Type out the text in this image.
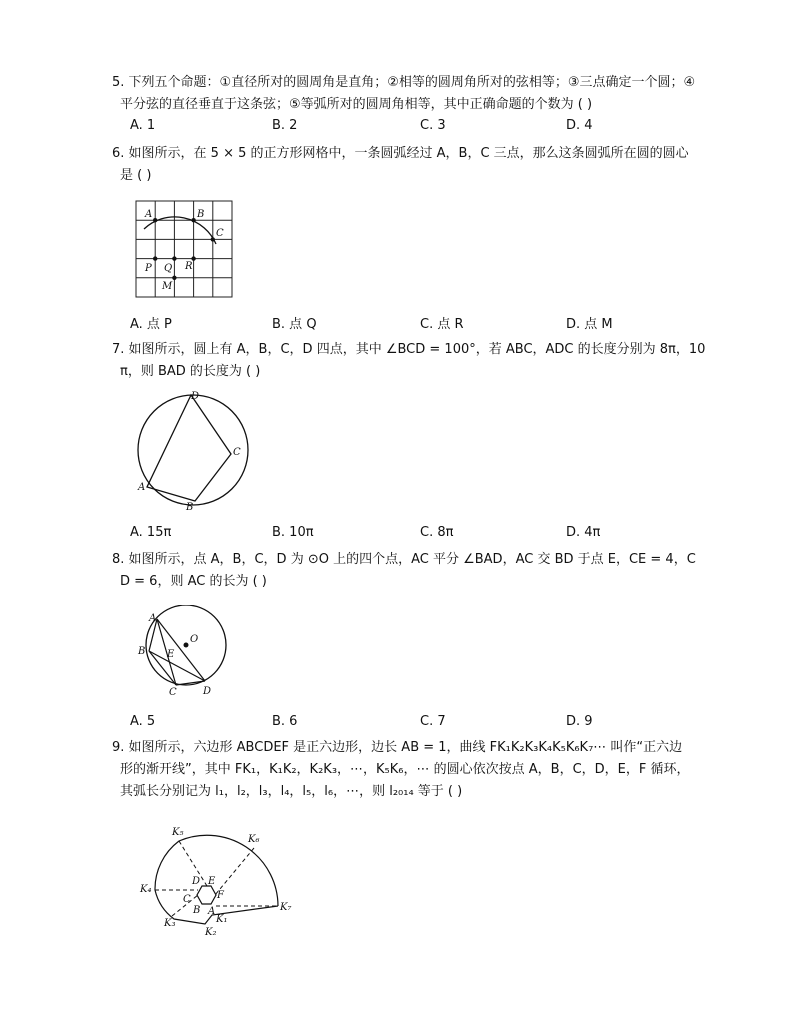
5. 下列五个命题：①直径所对的圆周角是直角；②相等的圆周角所对的弦相等；③三点确定一个圆；④
平分弦的直径垂直于这条弦；⑤等弧所对的圆周角相等，其中正确命题的个数为 ( )
A. 1	B. 2	C. 3	D. 4
6. 如图所示，在 5 × 5 的正方形网格中，一条圆弧经过 A，B，C 三点，那么这条圆弧所在圆的圆心
是 ( )
A	B
C
P Q R
M
A. 点 P	B. 点 Q	C. 点 R	D. 点 M
7. 如图所示，圆上有 A，B，C，D 四点，其中 ∠BCD = 100°，若 ABC，ADC 的长度分别为 8π，10
π，则 BAD 的长度为 ( )
D
C
B
A
A. 15π	B. 10π	C. 8π	D. 4π
8. 如图所示，点 A，B，C，D 为 ⊙O 上的四个点，AC 平分 ∠BAD，AC 交 BD 于点 E，CE = 4，C
D = 6，则 AC 的长为 ( )
A
O
B E
C	D
A. 5	B. 6	C. 7	D. 9
9. 如图所示，六边形 ABCDEF 是正六边形，边长 AB = 1，曲线 FK₁K₂K₃K₄K₅K₆K₇⋯ 叫作“正六边
形的渐开线”，其中 FK₁，K₁K₂，K₂K₃，⋯，K₅K₆，⋯ 的圆心依次按点 A，B，C，D，E，F 循环，
其弧长分别记为 l₁，l₂，l₃，l₄，l₅，l₆，⋯，则 l₂₀₁₄ 等于 ( )
K₅
K₆
K₄
K₇
K₃
K₂
K₁
D E
F
C
B A
